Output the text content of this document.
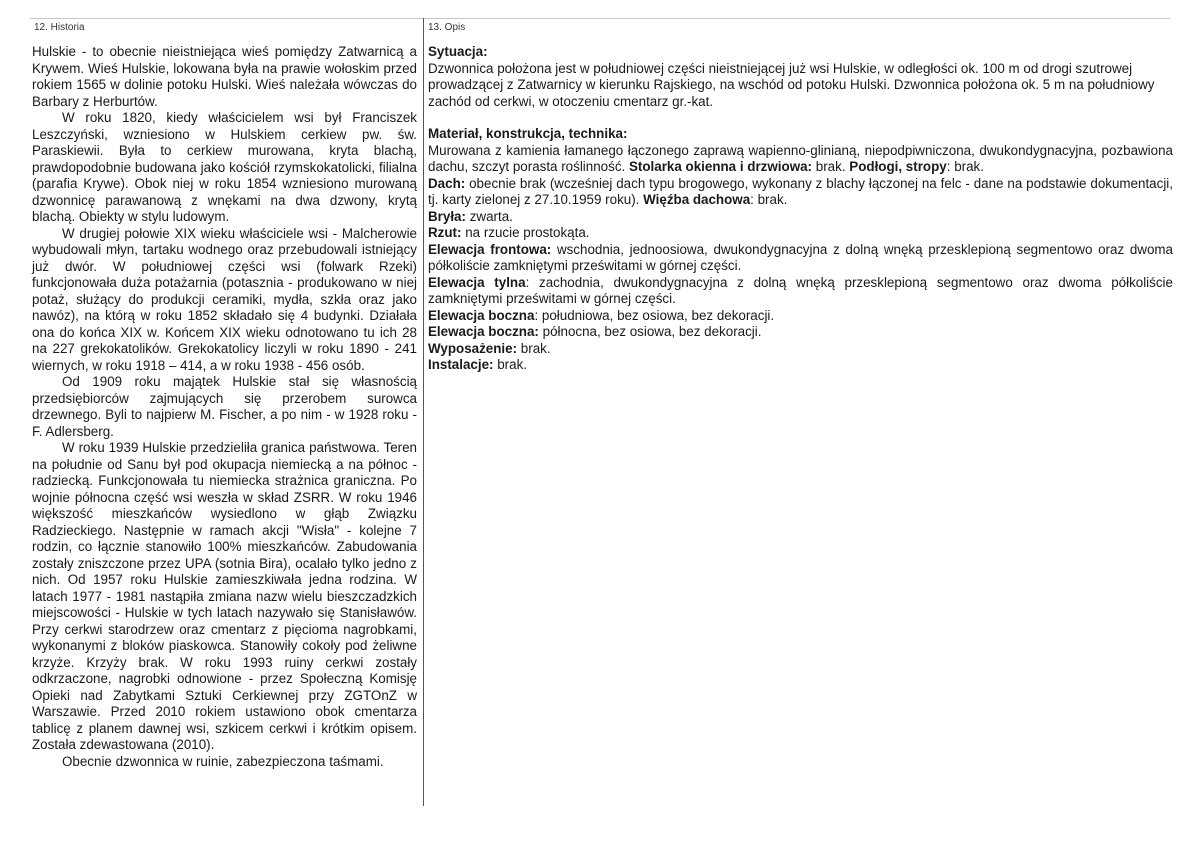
12. Historia	13. Opis

Hulskie - to obecnie nieistniejąca wieś pomiędzy Zatwarnicą a Krywem. Wieś Hulskie, lokowana była na prawie wołoskim przed rokiem 1565 w dolinie potoku Hulski. Wieś należała wówczas do Barbary z Herburtów.

W roku 1820, kiedy właścicielem wsi był Franciszek Leszczyński, wzniesiono w Hulskiem cerkiew pw. św. Paraskiewii. Była to cerkiew murowana, kryta blachą, prawdopodobnie budowana jako kościół rzymskokatolicki, filialna (parafia Krywe). Obok niej w roku 1854 wzniesiono murowaną dzwonnicę parawanową z wnękami na dwa dzwony, krytą blachą. Obiekty w stylu ludowym.

W drugiej połowie XIX wieku właściciele wsi - Malcherowie wybudowali młyn, tartaku wodnego oraz przebudowali istniejący już dwór. W południowej części wsi (folwark Rzeki) funkcjonowała duża potażarnia (potasznia - produkowano w niej potaż, służący do produkcji ceramiki, mydła, szkła oraz jako nawóz), na którą w roku 1852 składało się 4 budynki. Działała ona do końca XIX w. Końcem XIX wieku odnotowano tu ich 28 na 227 grekokatolików. Grekokatolicy liczyli w roku 1890 - 241 wiernych, w roku 1918 – 414, a w roku 1938 - 456 osób.

Od 1909 roku majątek Hulskie stał się własnością przedsiębiorców zajmujących się przerobem surowca drzewnego. Byli to najpierw M. Fischer, a po nim - w 1928 roku - F. Adlersberg.

W roku 1939 Hulskie przedzieliła granica państwowa. Teren na południe od Sanu był pod okupacja niemiecką a na północ - radziecką. Funkcjonowała tu niemiecka strażnica graniczna. Po wojnie północna część wsi weszła w skład ZSRR. W roku 1946 większość mieszkańców wysiedlono w głąb Związku Radzieckiego. Następnie w ramach akcji "Wisła" - kolejne 7 rodzin, co łącznie stanowiło 100% mieszkańców. Zabudowania zostały zniszczone przez UPA (sotnia Bira), ocalało tylko jedno z nich. Od 1957 roku Hulskie zamieszkiwała jedna rodzina. W latach 1977 - 1981 nastąpiła zmiana nazw wielu bieszczadzkich miejscowości - Hulskie w tych latach nazywało się Stanisławów. Przy cerkwi starodrzew oraz cmentarz z pięcioma nagrobkami, wykonanymi z bloków piaskowca. Stanowiły cokoły pod żeliwne krzyże. Krzyży brak. W roku 1993 ruiny cerkwi zostały odkrzaczone, nagrobki odnowione - przez Społeczną Komisję Opieki nad Zabytkami Sztuki Cerkiewnej przy ZGTOnZ w Warszawie. Przed 2010 rokiem ustawiono obok cmentarza tablicę z planem dawnej wsi, szkicem cerkwi i krótkim opisem. Została zdewastowana (2010).

Obecnie dzwonnica w ruinie, zabezpieczona taśmami.

Sytuacja:
Dzwonnica położona jest w południowej części nieistniejącej już wsi Hulskie, w odległości ok. 100 m od drogi szutrowej prowadzącej z Zatwarnicy w kierunku Rajskiego, na wschód od potoku Hulski. Dzwonnica położona ok. 5 m na południowy zachód od cerkwi, w otoczeniu cmentarz gr.-kat.
Materiał, konstrukcja, technika:
Murowana z kamienia łamanego łączonego zaprawą wapienno-glinianą, niepodpiwniczona, dwukondygnacyjna, pozbawiona dachu, szczyt porasta roślinność. Stolarka okienna i drzwiowa: brak. Podłogi, stropy: brak.
Dach: obecnie brak (wcześniej dach typu brogowego, wykonany z blachy łączonej na felc - dane na podstawie dokumentacji, tj. karty zielonej z 27.10.1959 roku). Więźba dachowa: brak.
Bryła: zwarta.
Rzut: na rzucie prostokąta.
Elewacja frontowa: wschodnia, jednoosiowa, dwukondygnacyjna z dolną wnęką przesklepioną segmentowo oraz dwoma półkoliście zamkniętymi prześwitami w górnej części.
Elewacja tylna: zachodnia, dwukondygnacyjna z dolną wnęką przesklepioną segmentowo oraz dwoma półkoliście zamkniętymi prześwitami w górnej części.
Elewacja boczna: południowa, bez osiowa, bez dekoracji.
Elewacja boczna: północna, bez osiowa, bez dekoracji.
Wyposażenie: brak.
Instalacje: brak.
